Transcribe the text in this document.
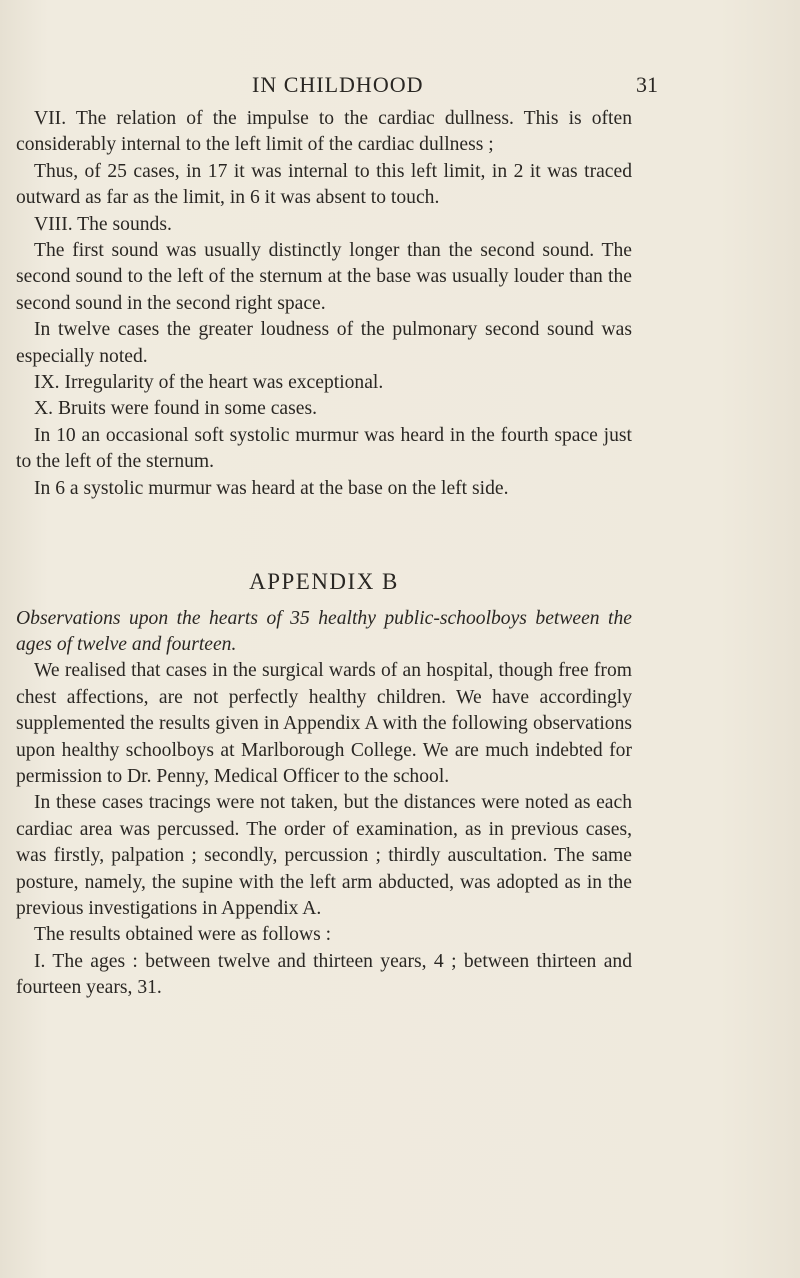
IN CHILDHOOD	31

VII. The relation of the impulse to the cardiac dullness. This is often considerably internal to the left limit of the cardiac dullness ;

Thus, of 25 cases, in 17 it was internal to this left limit, in 2 it was traced outward as far as the limit, in 6 it was absent to touch.

VIII. The sounds.

The first sound was usually distinctly longer than the second sound. The second sound to the left of the sternum at the base was usually louder than the second sound in the second right space.

In twelve cases the greater loudness of the pulmonary second sound was especially noted.

IX. Irregularity of the heart was exceptional.

X. Bruits were found in some cases.

In 10 an occasional soft systolic murmur was heard in the fourth space just to the left of the sternum.

In 6 a systolic murmur was heard at the base on the left side.

APPENDIX B

Observations upon the hearts of 35 healthy public-schoolboys between the ages of twelve and fourteen.

We realised that cases in the surgical wards of an hospital, though free from chest affections, are not perfectly healthy children. We have accordingly supplemented the results given in Appendix A with the following observations upon healthy schoolboys at Marlborough College. We are much indebted for permission to Dr. Penny, Medical Officer to the school.

In these cases tracings were not taken, but the distances were noted as each cardiac area was percussed. The order of examination, as in previous cases, was firstly, palpation ; secondly, percussion ; thirdly auscultation. The same posture, namely, the supine with the left arm abducted, was adopted as in the previous investigations in Appendix A.

The results obtained were as follows :

I. The ages : between twelve and thirteen years, 4 ; between thirteen and fourteen years, 31.
